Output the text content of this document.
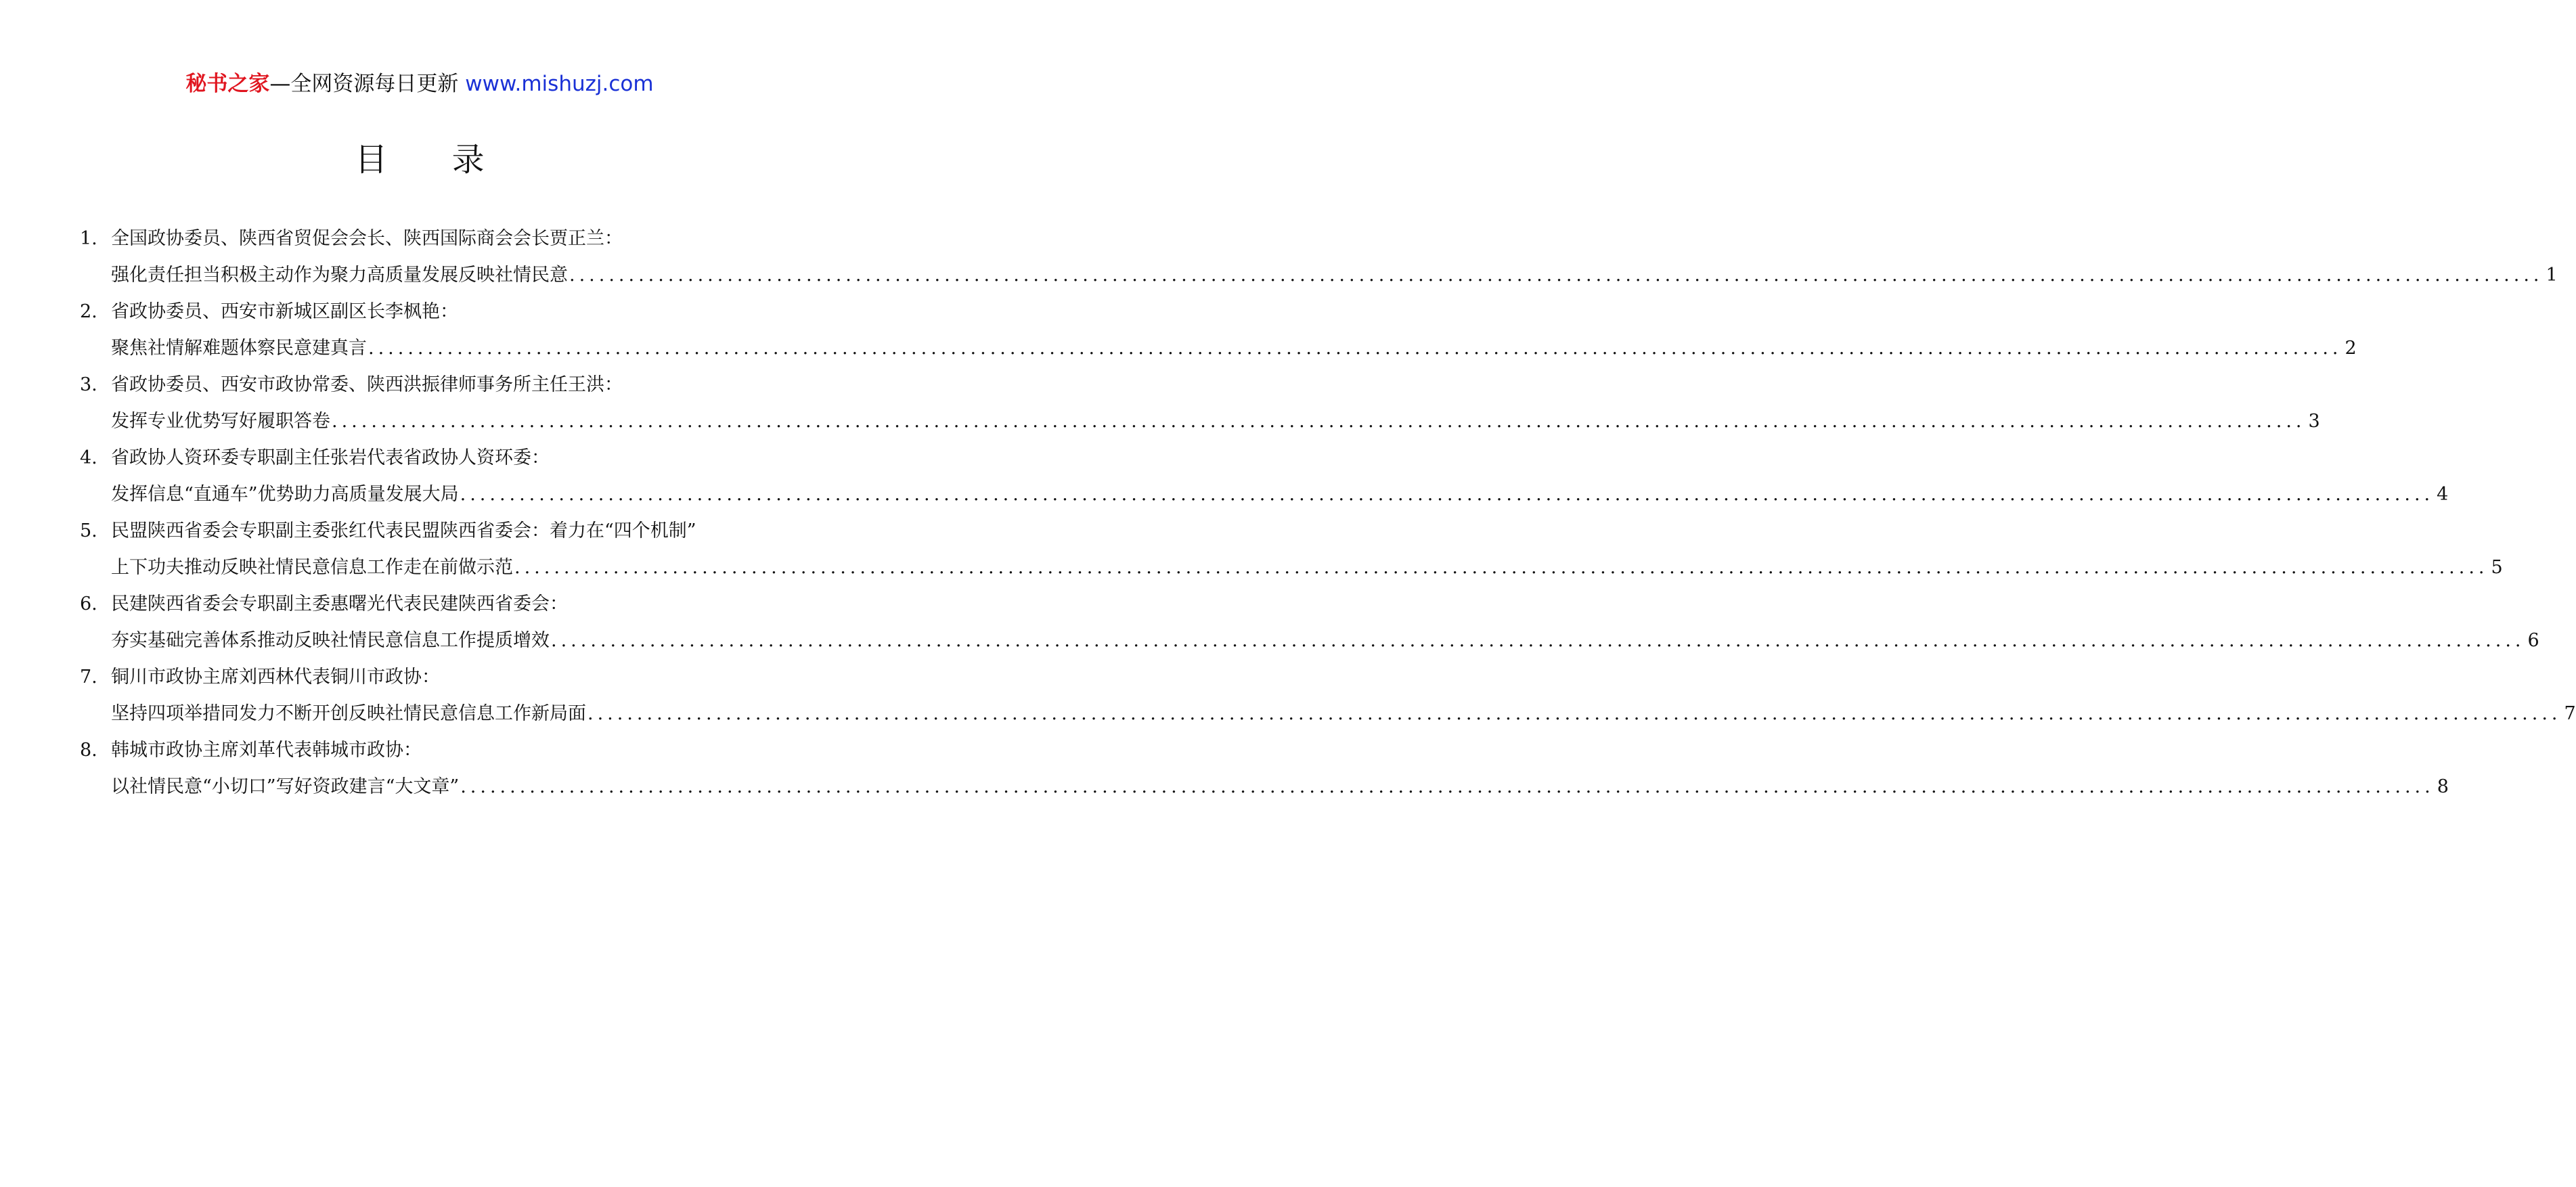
秘书之家—全网资源每日更新 www.mishuzj.com
目 录
1. 全国政协委员、陕西省贸促会会长、陕西国际商会会长贾正兰：
强化责任担当积极主动作为聚力高质量发展反映社情民意 ........................................................................................................................................................................................................ 1
2. 省政协委员、西安市新城区副区长李枫艳：
聚焦社情解难题体察民意建真言 ........................................................................................................................................................................................................ 2
3. 省政协委员、西安市政协常委、陕西洪振律师事务所主任王洪：
发挥专业优势写好履职答卷 ........................................................................................................................................................................................................ 3
4. 省政协人资环委专职副主任张岩代表省政协人资环委：
发挥信息“直通车”优势助力高质量发展大局 ........................................................................................................................................................................................................ 4
5. 民盟陕西省委会专职副主委张红代表民盟陕西省委会：着力在“四个机制”
上下功夫推动反映社情民意信息工作走在前做示范 ........................................................................................................................................................................................................ 5
6. 民建陕西省委会专职副主委惠曙光代表民建陕西省委会：
夯实基础完善体系推动反映社情民意信息工作提质增效 ........................................................................................................................................................................................................ 6
7. 铜川市政协主席刘西林代表铜川市政协：
坚持四项举措同发力不断开创反映社情民意信息工作新局面 ........................................................................................................................................................................................................ 7
8. 韩城市政协主席刘革代表韩城市政协：
以社情民意“小切口”写好资政建言“大文章” ........................................................................................................................................................................................................ 8
